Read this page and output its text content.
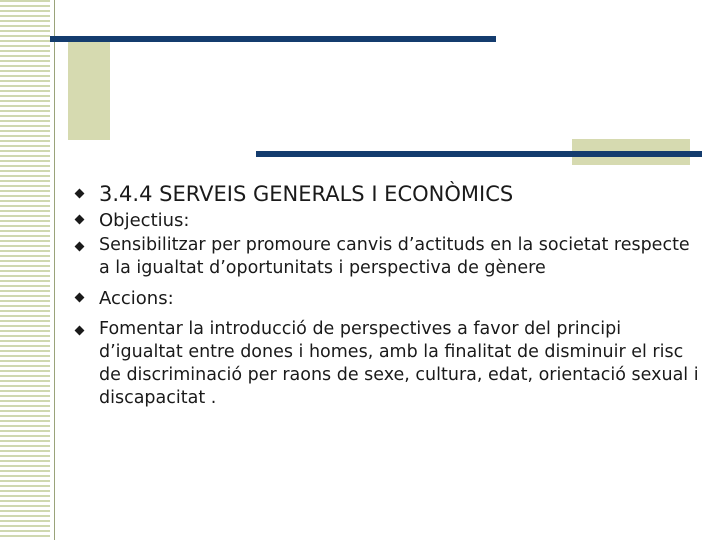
3.4.4 SERVEIS GENERALS I ECONÒMICS
Objectius:
Sensibilitzar per promoure canvis d’actituds en la societat respecte a la igualtat d’oportunitats i perspectiva de gènere
Accions:
Fomentar la introducció de perspectives a favor del principi d’igualtat entre dones i homes, amb la finalitat de disminuir el risc de discriminació per raons de sexe, cultura, edat, orientació sexual i discapacitat .
